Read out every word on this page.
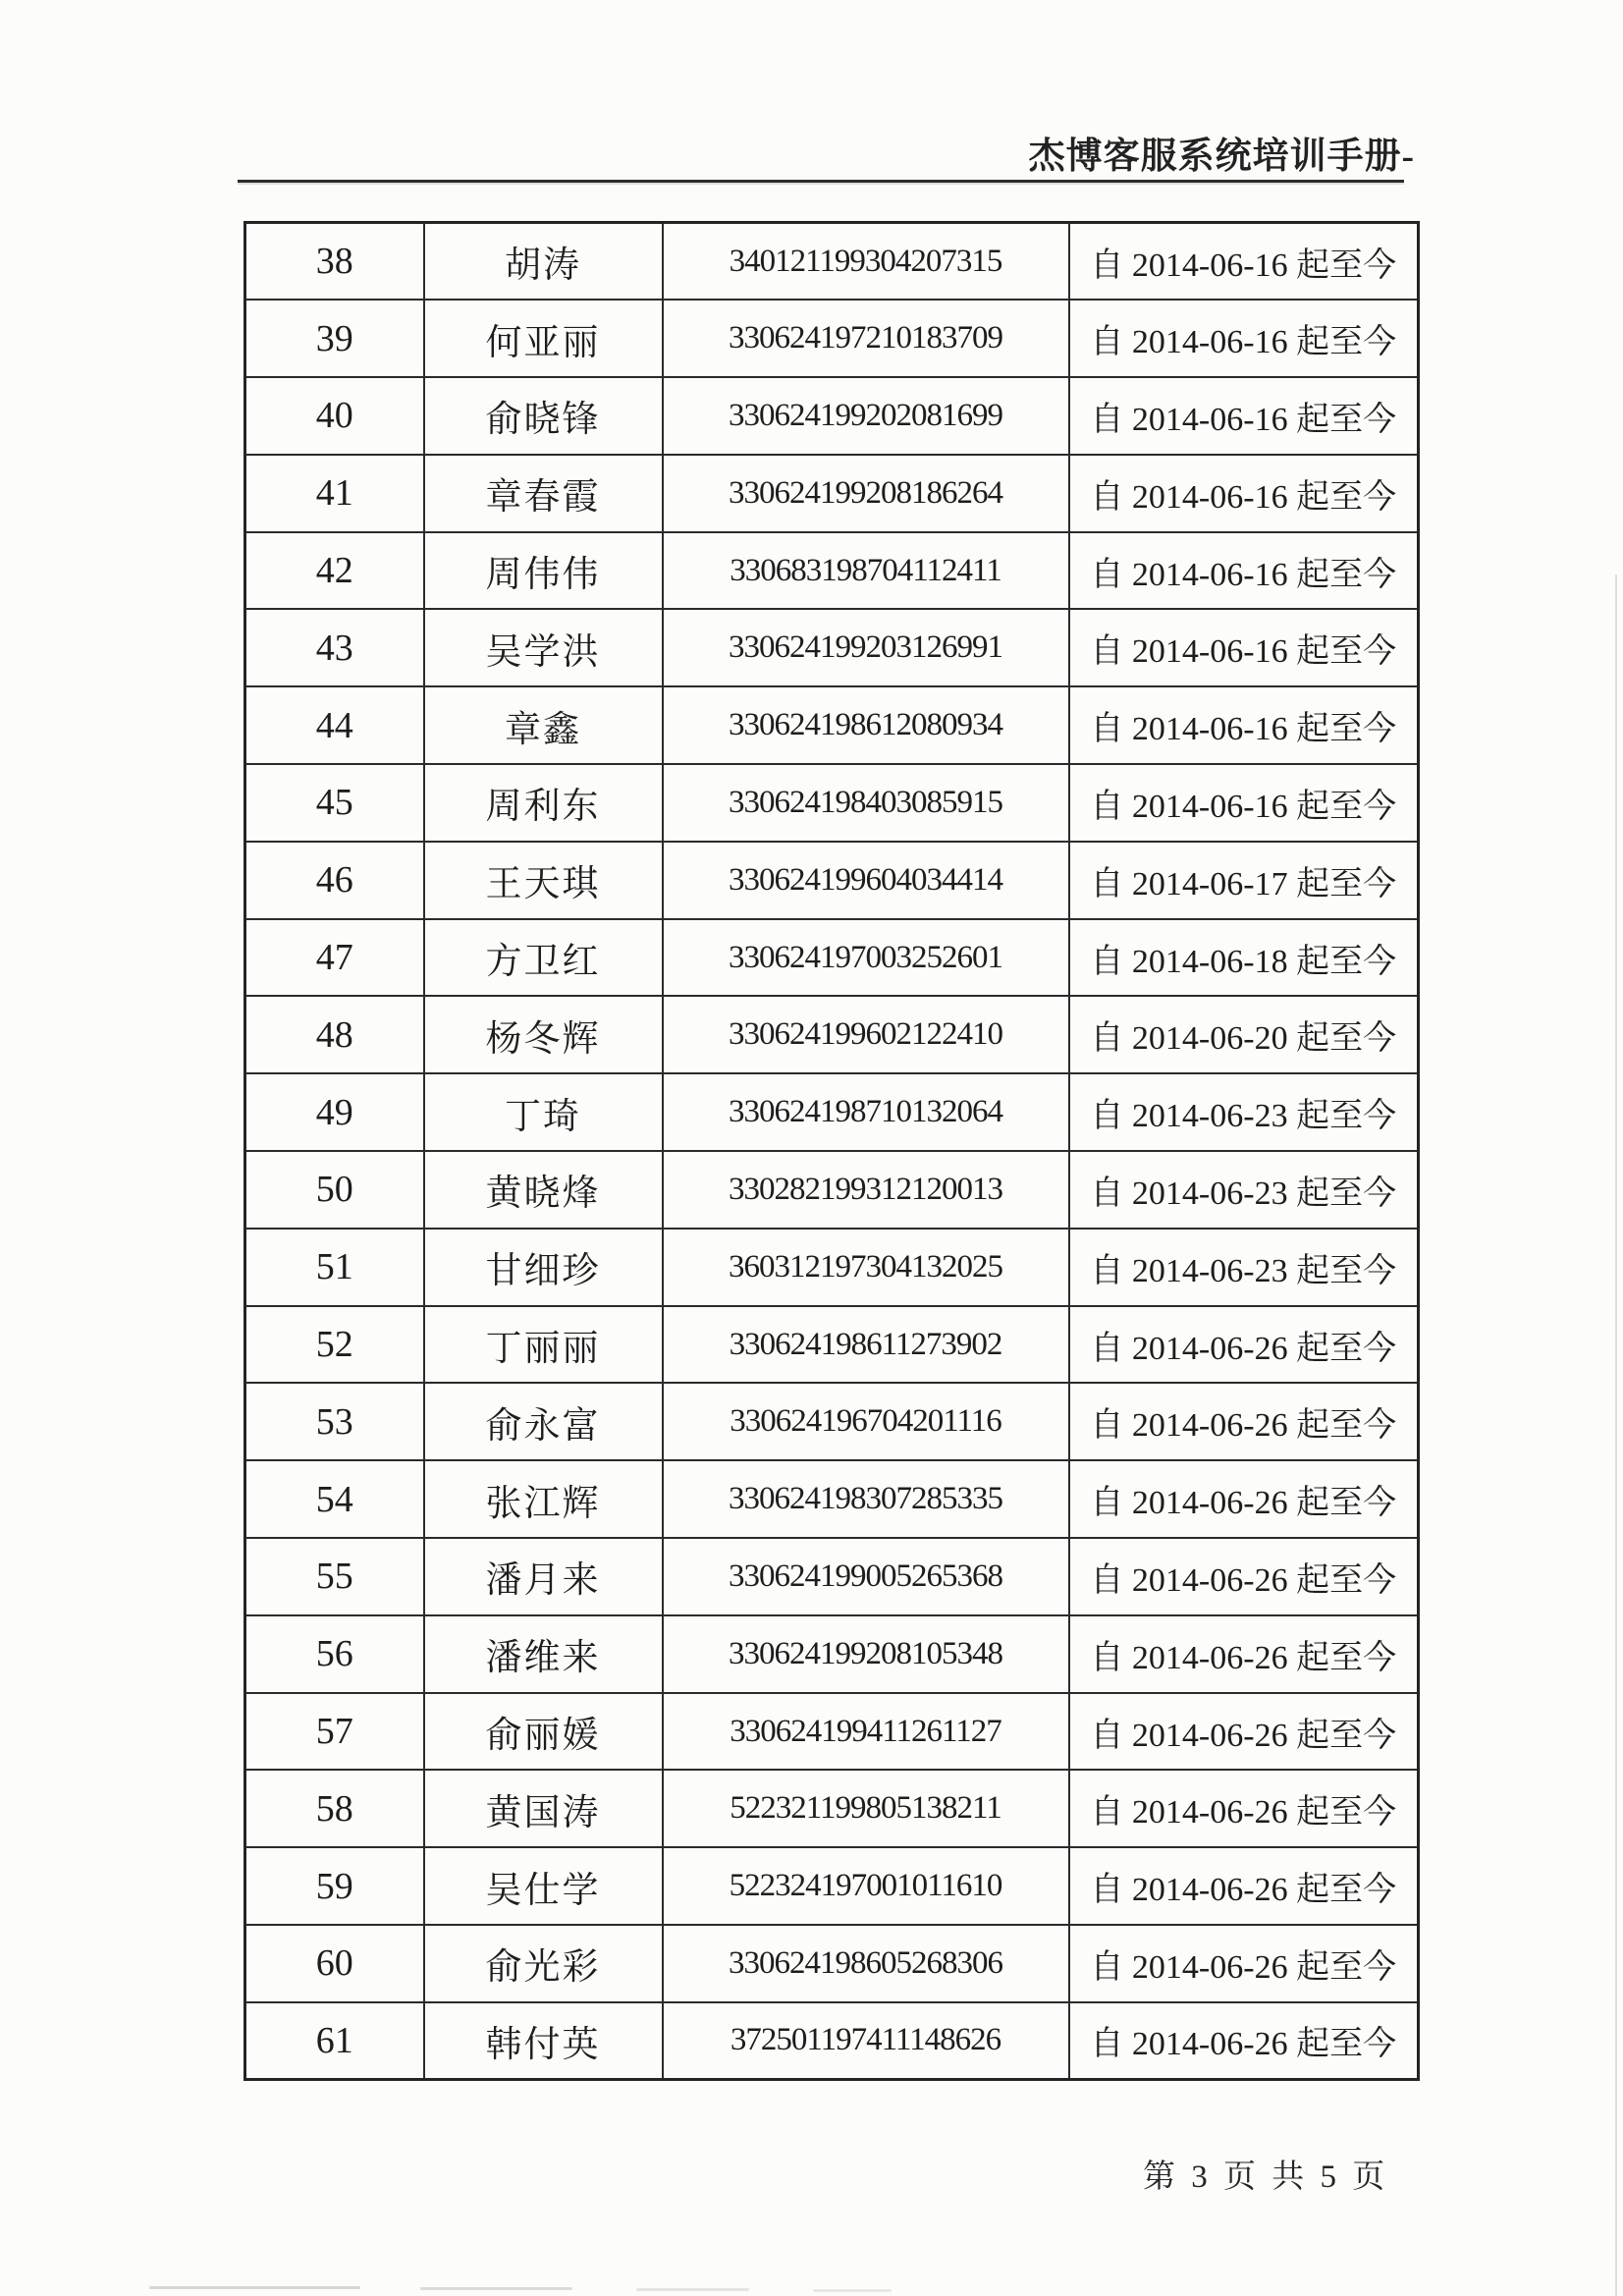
杰博客服系统培训手册-
38	胡涛	340121199304207315	自 2014-06-16 起至今
39	何亚丽	330624197210183709	自 2014-06-16 起至今
40	俞晓锋	330624199202081699	自 2014-06-16 起至今
41	章春霞	330624199208186264	自 2014-06-16 起至今
42	周伟伟	330683198704112411	自 2014-06-16 起至今
43	吴学洪	330624199203126991	自 2014-06-16 起至今
44	章鑫	330624198612080934	自 2014-06-16 起至今
45	周利东	330624198403085915	自 2014-06-16 起至今
46	王天琪	330624199604034414	自 2014-06-17 起至今
47	方卫红	330624197003252601	自 2014-06-18 起至今
48	杨冬辉	330624199602122410	自 2014-06-20 起至今
49	丁琦	330624198710132064	自 2014-06-23 起至今
50	黄晓烽	330282199312120013	自 2014-06-23 起至今
51	甘细珍	360312197304132025	自 2014-06-23 起至今
52	丁丽丽	330624198611273902	自 2014-06-26 起至今
53	俞永富	330624196704201116	自 2014-06-26 起至今
54	张江辉	330624198307285335	自 2014-06-26 起至今
55	潘月来	330624199005265368	自 2014-06-26 起至今
56	潘维来	330624199208105348	自 2014-06-26 起至今
57	俞丽媛	330624199411261127	自 2014-06-26 起至今
58	黄国涛	522321199805138211	自 2014-06-26 起至今
59	吴仕学	522324197001011610	自 2014-06-26 起至今
60	俞光彩	330624198605268306	自 2014-06-26 起至今
61	韩付英	372501197411148626	自 2014-06-26 起至今
第 3 页 共 5 页
